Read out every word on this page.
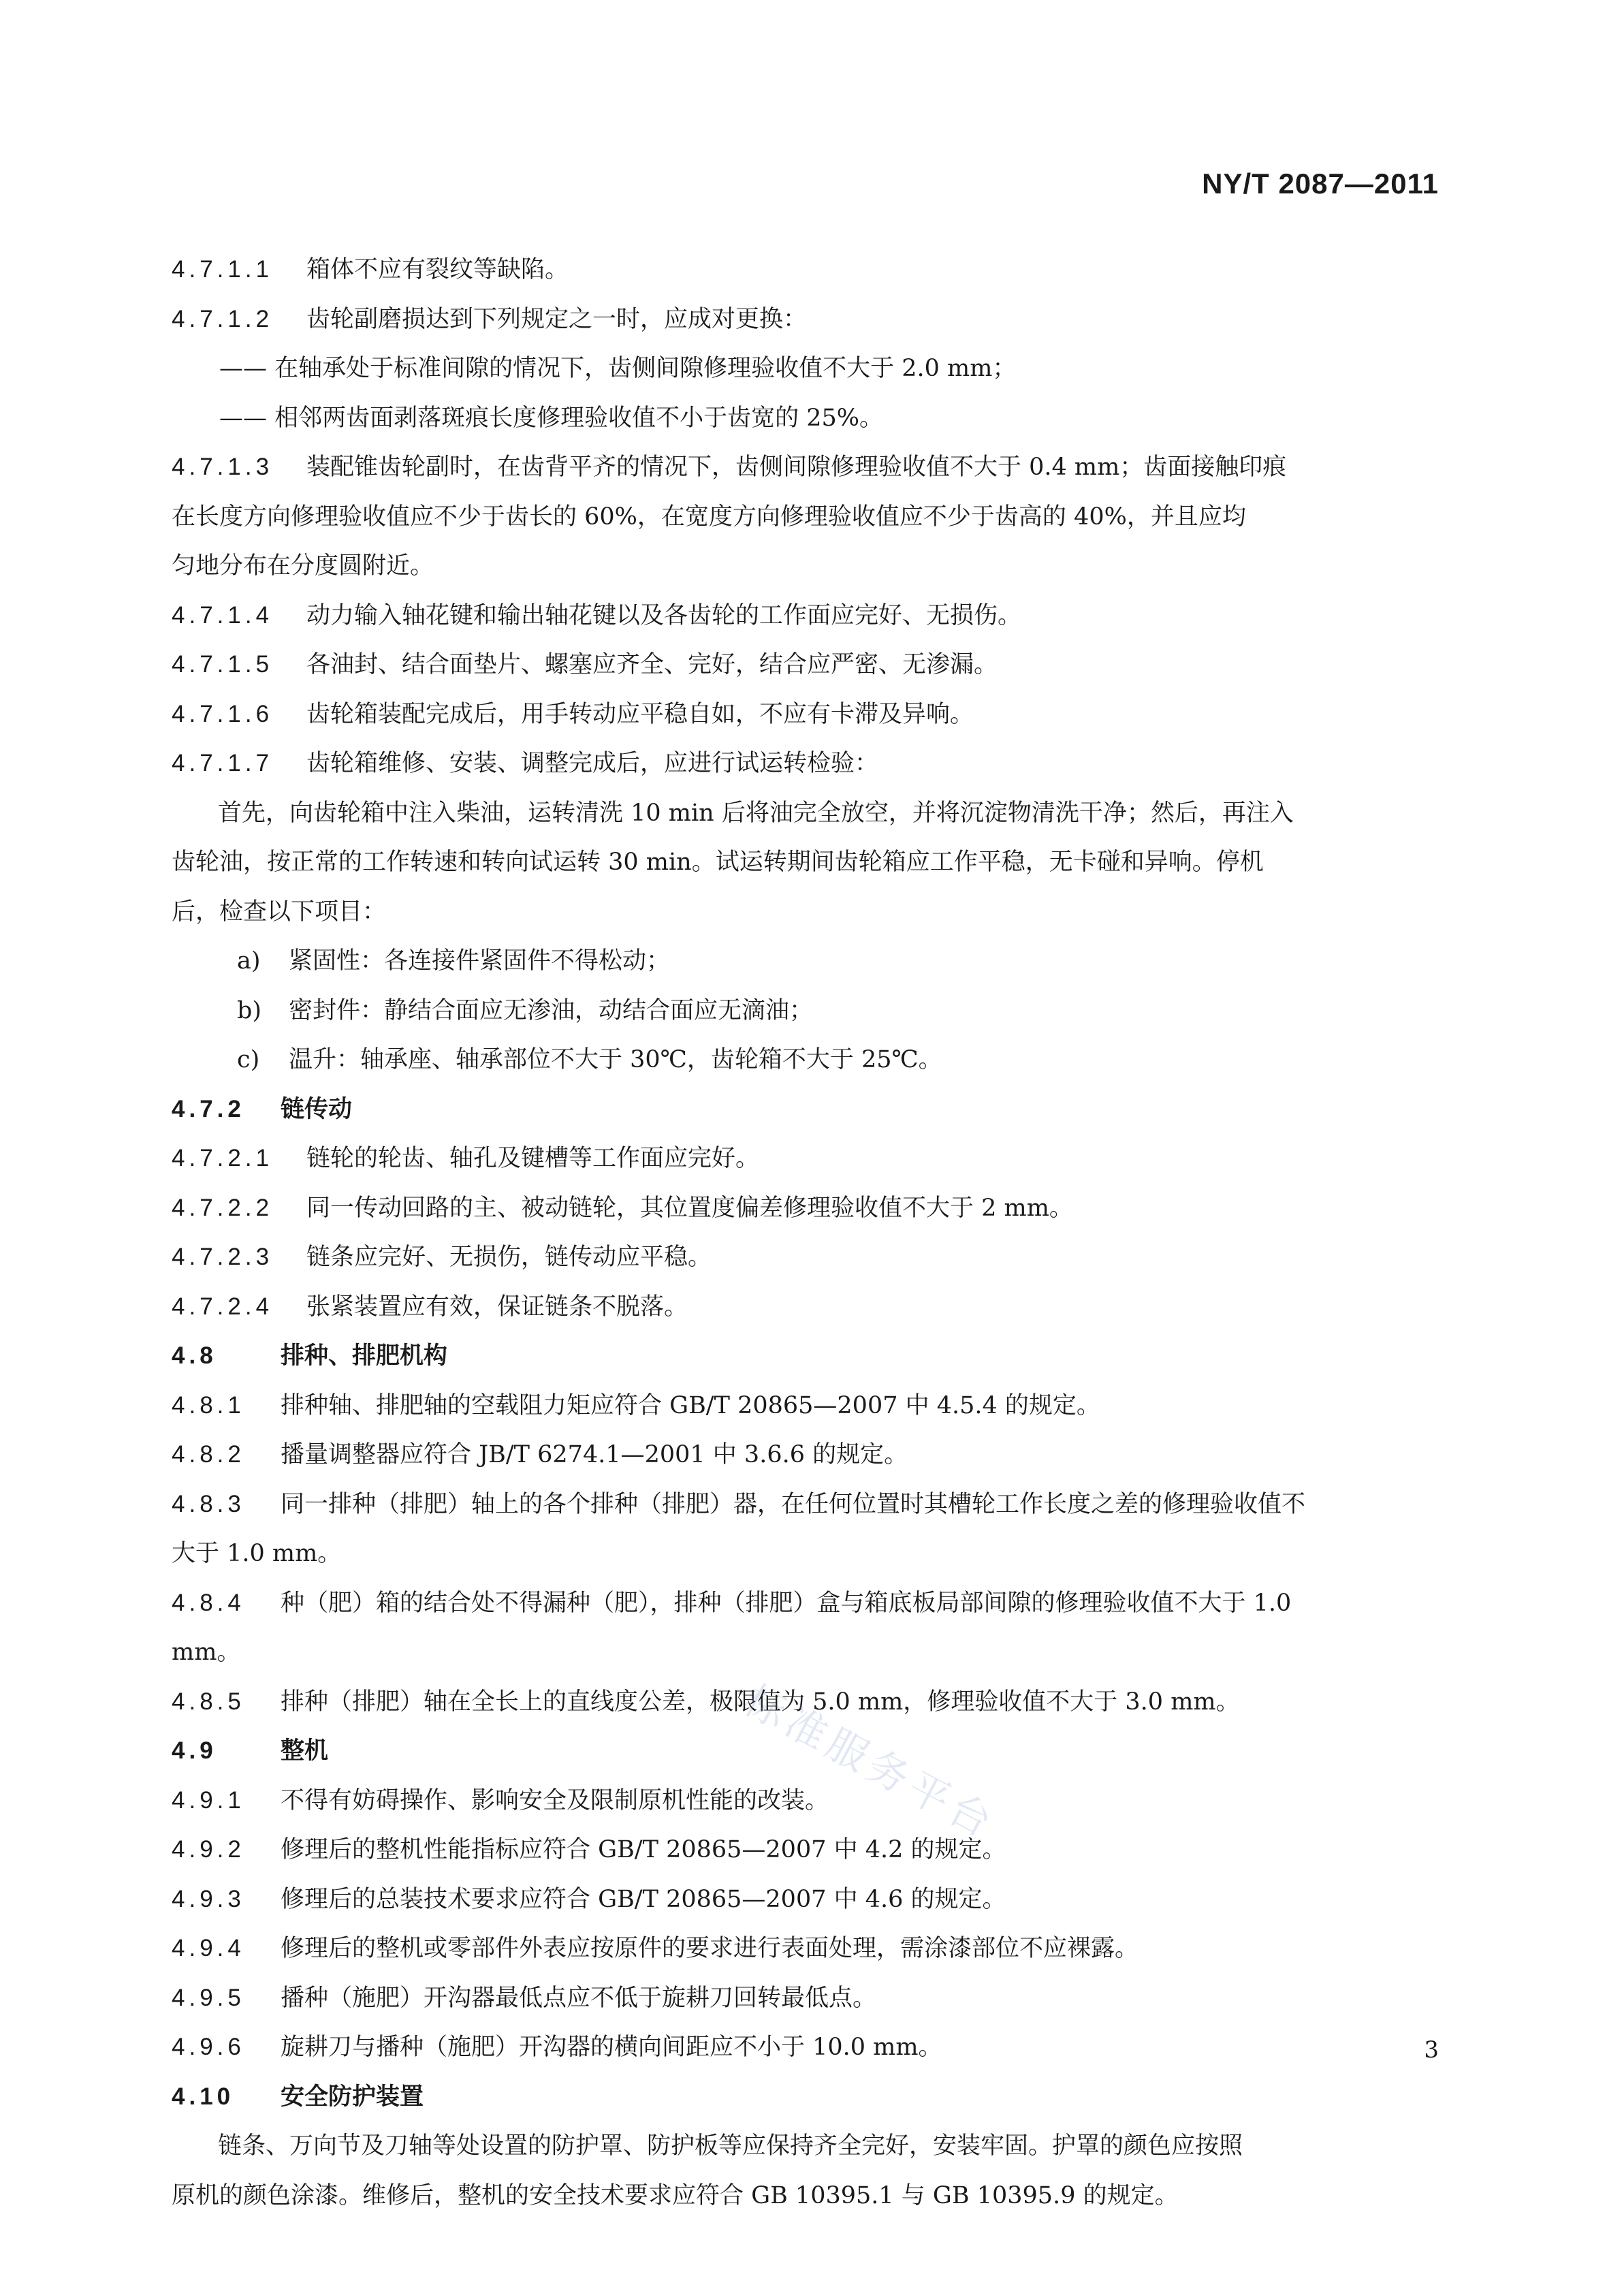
NY/T 2087—2011
4.7.1.1 箱体不应有裂纹等缺陷。
4.7.1.2 齿轮副磨损达到下列规定之一时，应成对更换：
—— 在轴承处于标准间隙的情况下，齿侧间隙修理验收值不大于 2.0 mm；
—— 相邻两齿面剥落斑痕长度修理验收值不小于齿宽的 25%。
4.7.1.3 装配锥齿轮副时，在齿背平齐的情况下，齿侧间隙修理验收值不大于 0.4 mm；齿面接触印痕
在长度方向修理验收值应不少于齿长的 60%，在宽度方向修理验收值应不少于齿高的 40%，并且应均
匀地分布在分度圆附近。
4.7.1.4 动力输入轴花键和输出轴花键以及各齿轮的工作面应完好、无损伤。
4.7.1.5 各油封、结合面垫片、螺塞应齐全、完好，结合应严密、无渗漏。
4.7.1.6 齿轮箱装配完成后，用手转动应平稳自如，不应有卡滞及异响。
4.7.1.7 齿轮箱维修、安装、调整完成后，应进行试运转检验：
首先，向齿轮箱中注入柴油，运转清洗 10 min 后将油完全放空，并将沉淀物清洗干净；然后，再注入
齿轮油，按正常的工作转速和转向试运转 30 min。试运转期间齿轮箱应工作平稳，无卡碰和异响。停机
后，检查以下项目：
a) 紧固性：各连接件紧固件不得松动；
b) 密封件：静结合面应无渗油，动结合面应无滴油；
c) 温升：轴承座、轴承部位不大于 30℃，齿轮箱不大于 25℃。
4.7.2 链传动
4.7.2.1 链轮的轮齿、轴孔及键槽等工作面应完好。
4.7.2.2 同一传动回路的主、被动链轮，其位置度偏差修理验收值不大于 2 mm。
4.7.2.3 链条应完好、无损伤，链传动应平稳。
4.7.2.4 张紧装置应有效，保证链条不脱落。
4.8	排种、排肥机构
4.8.1 排种轴、排肥轴的空载阻力矩应符合 GB/T 20865—2007 中 4.5.4 的规定。
4.8.2 播量调整器应符合 JB/T 6274.1—2001 中 3.6.6 的规定。
4.8.3 同一排种（排肥）轴上的各个排种（排肥）器，在任何位置时其槽轮工作长度之差的修理验收值不
大于 1.0 mm。
4.8.4 种（肥）箱的结合处不得漏种（肥），排种（排肥）盒与箱底板局部间隙的修理验收值不大于 1.0
mm。
4.8.5 排种（排肥）轴在全长上的直线度公差，极限值为 5.0 mm，修理验收值不大于 3.0 mm。
4.9	整机
4.9.1 不得有妨碍操作、影响安全及限制原机性能的改装。
4.9.2 修理后的整机性能指标应符合 GB/T 20865—2007 中 4.2 的规定。
4.9.3 修理后的总装技术要求应符合 GB/T 20865—2007 中 4.6 的规定。
4.9.4 修理后的整机或零部件外表应按原件的要求进行表面处理，需涂漆部位不应裸露。
4.9.5 播种（施肥）开沟器最低点应不低于旋耕刀回转最低点。
4.9.6 旋耕刀与播种（施肥）开沟器的横向间距应不小于 10.0 mm。
4.10 安全防护装置
链条、万向节及刀轴等处设置的防护罩、防护板等应保持齐全完好，安装牢固。护罩的颜色应按照
原机的颜色涂漆。维修后，整机的安全技术要求应符合 GB 10395.1 与 GB 10395.9 的规定。
标准服务平台
3
